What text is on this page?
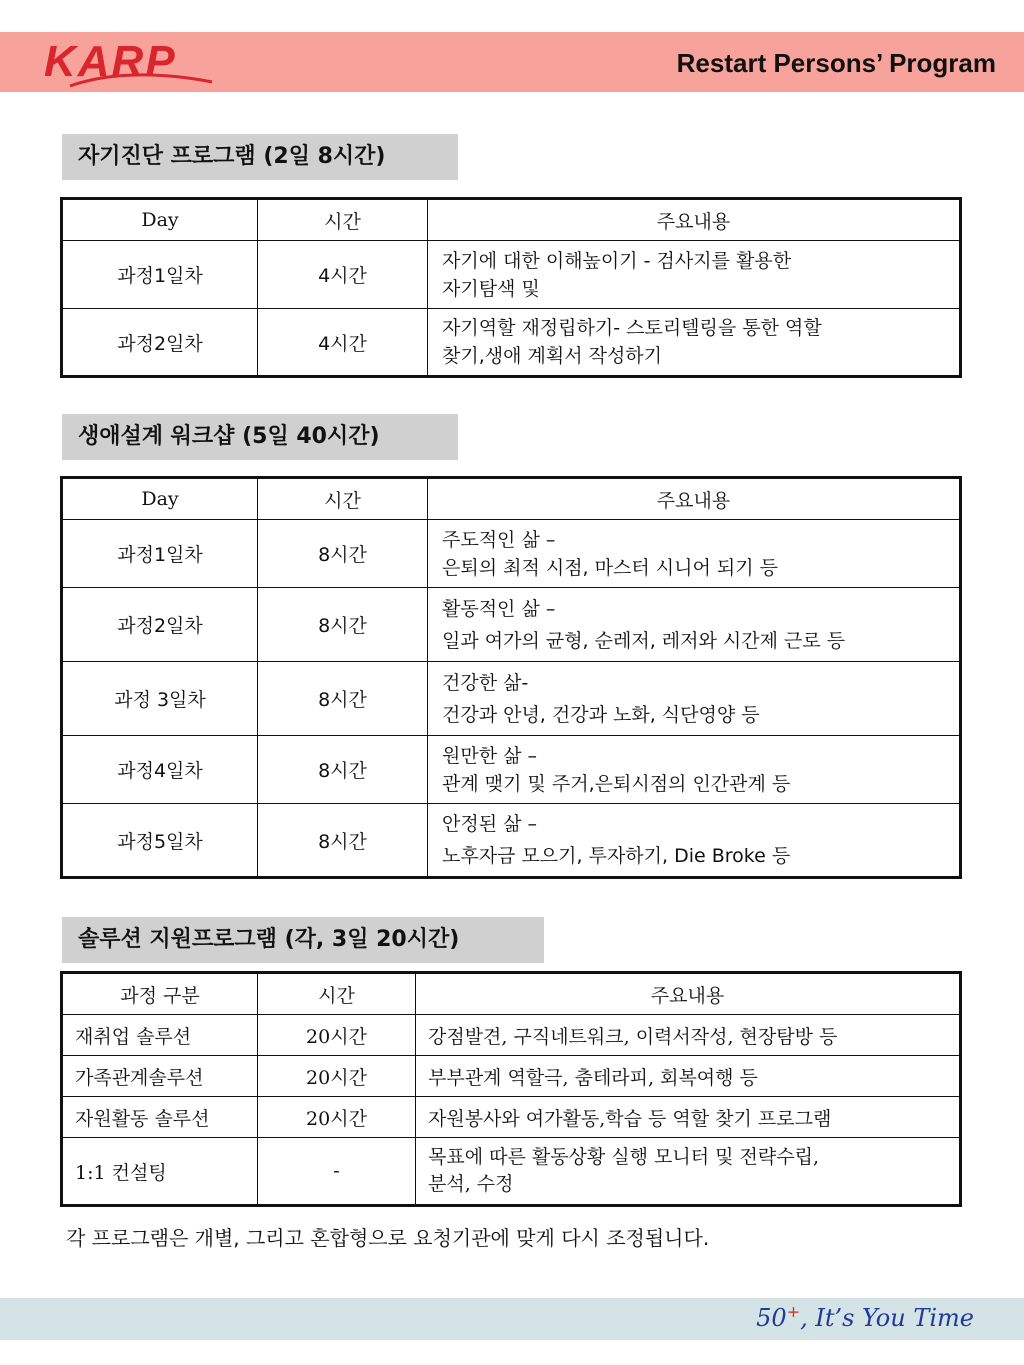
KARP	Restart Persons’ Program
자기진단 프로그램 (2일 8시간)
Day	시간	주요내용
과정1일차	4시간	자기에 대한 이해높이기 - 검사지를 활용한
자기탐색 및

과정2일차	4시간	자기역할 재정립하기- 스토리텔링을 통한 역할
찾기,생애 계획서 작성하기
생애설계 워크샵 (5일 40시간)
Day	시간	주요내용
과정1일차	8시간	주도적인 삶 –
은퇴의 최적 시점, 마스터 시니어 되기 등

과정2일차	8시간	활동적인 삶 –
일과 여가의 균형, 순레저, 레저와 시간제 근로 등

과정 3일차	8시간	건강한 삶-
건강과 안녕, 건강과 노화, 식단영양 등

과정4일차	8시간	원만한 삶 –
관계 맺기 및 주거,은퇴시점의 인간관계 등

과정5일차	8시간	안정된 삶 –
노후자금 모으기, 투자하기, Die Broke 등
솔루션 지원프로그램 (각, 3일 20시간)
과정 구분	시간	주요내용
재취업 솔루션	20시간	강점발견, 구직네트워크, 이력서작성, 현장탐방 등
가족관계솔루션	20시간	부부관계 역할극, 춤테라피, 회복여행 등
자원활동 솔루션	20시간	자원봉사와 여가활동,학습 등 역할 찾기 프로그램
1:1 컨설팅	-	목표에 따른 활동상황 실행 모니터 및 전략수립,
분석, 수정
각 프로그램은 개별, 그리고 혼합형으로 요청기관에 맞게 다시 조정됩니다.
50+, It’s You Time
